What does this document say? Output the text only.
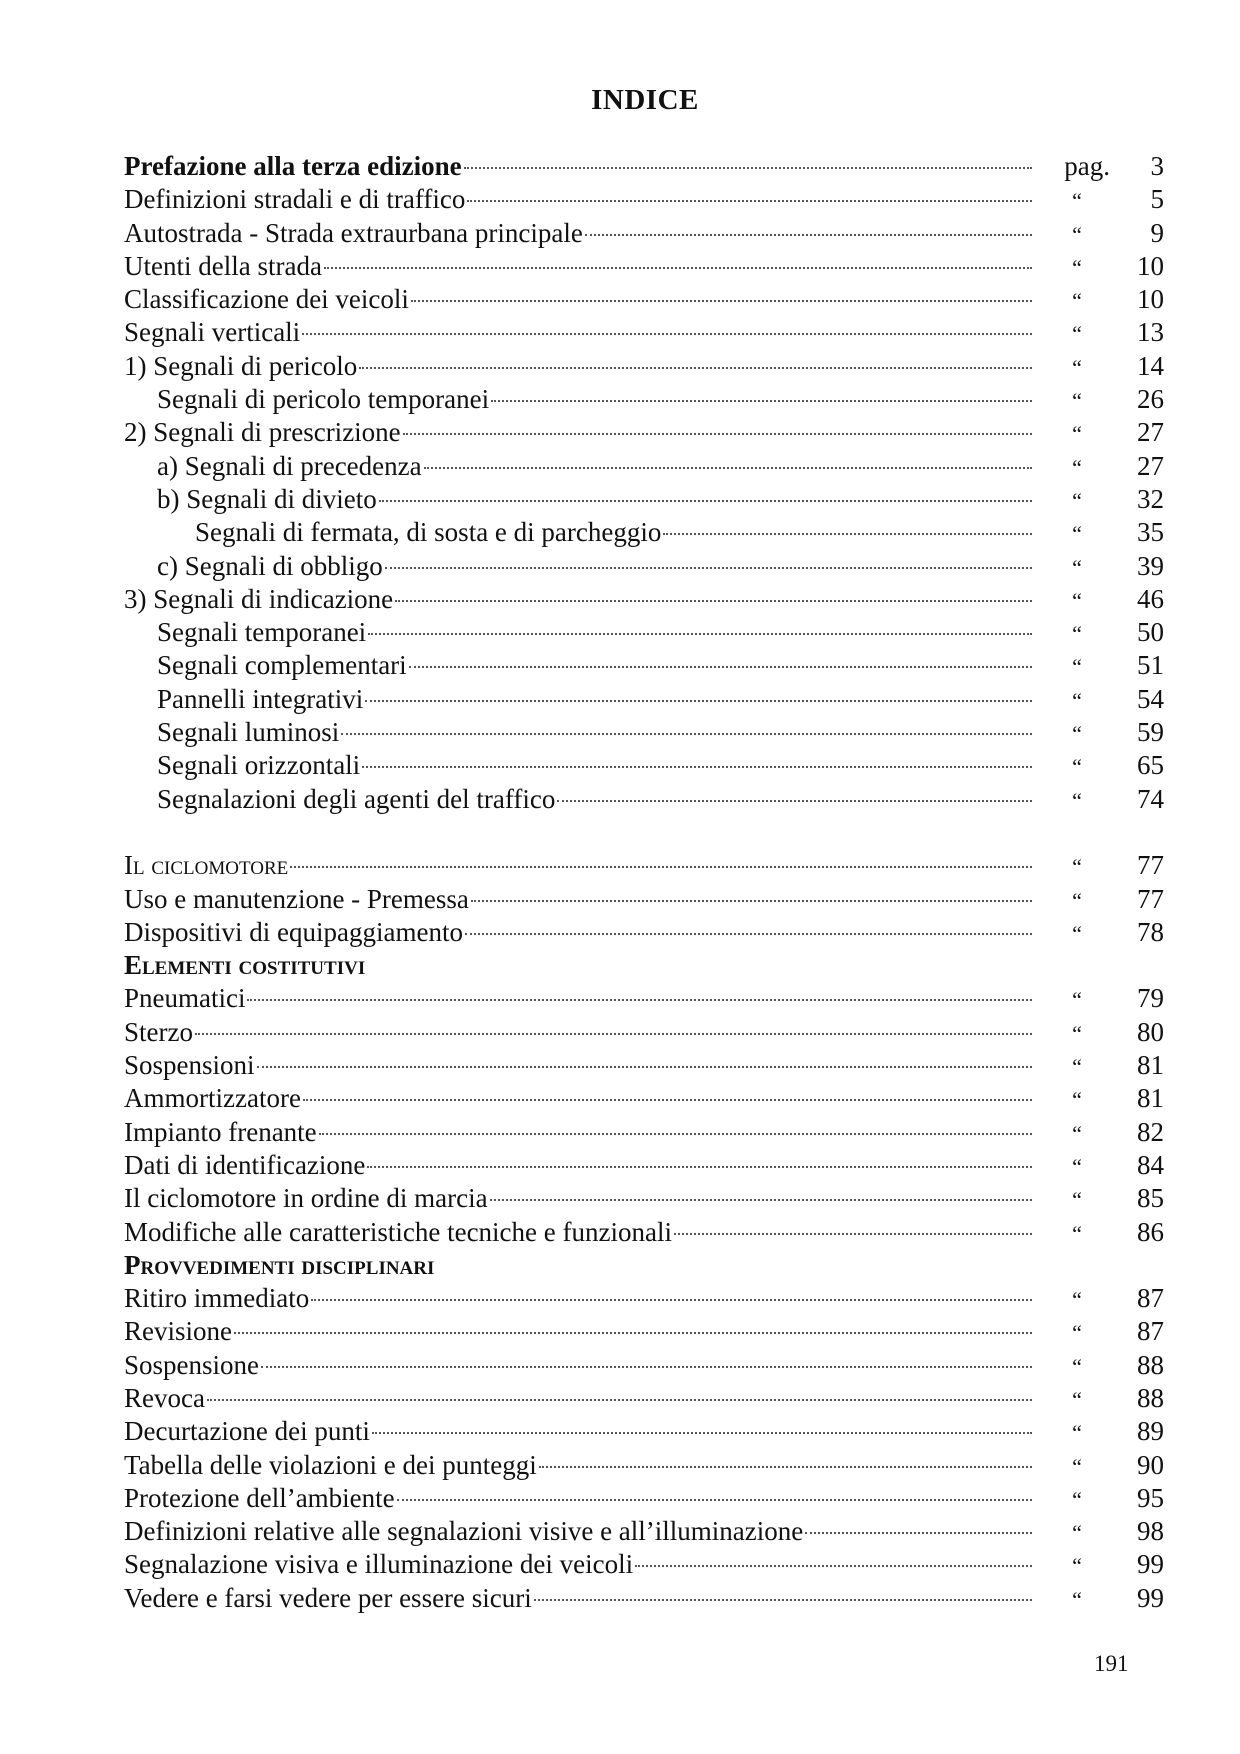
INDICE
Prefazione alla terza edizione	pag.	3
Definizioni stradali e di traffico	“	5
Autostrada - Strada extraurbana principale	“	9
Utenti della strada	“	10
Classificazione dei veicoli	“	10
Segnali verticali	“	13
1) Segnali di pericolo	“	14
Segnali di pericolo temporanei	“	26
2) Segnali di prescrizione	“	27
a) Segnali di precedenza	“	27
b) Segnali di divieto	“	32
Segnali di fermata, di sosta e di parcheggio	“	35
c) Segnali di obbligo	“	39
3) Segnali di indicazione	“	46
Segnali temporanei	“	50
Segnali complementari	“	51
Pannelli integrativi	“	54
Segnali luminosi	“	59
Segnali orizzontali	“	65
Segnalazioni degli agenti del traffico	“	74
Il ciclomotore	“	77
Uso e manutenzione - Premessa	“	77
Dispositivi di equipaggiamento	“	78
Elementi costitutivi
Pneumatici	“	79
Sterzo	“	80
Sospensioni	“	81
Ammortizzatore	“	81
Impianto frenante	“	82
Dati di identificazione	“	84
Il ciclomotore in ordine di marcia	“	85
Modifiche alle caratteristiche tecniche e funzionali	“	86
Provvedimenti disciplinari
Ritiro immediato	“	87
Revisione	“	87
Sospensione	“	88
Revoca	“	88
Decurtazione dei punti	“	89
Tabella delle violazioni e dei punteggi	“	90
Protezione dell’ambiente	“	95
Definizioni relative alle segnalazioni visive e all’illuminazione	“	98
Segnalazione visiva e illuminazione dei veicoli	“	99
Vedere e farsi vedere per essere sicuri	“	99
191
